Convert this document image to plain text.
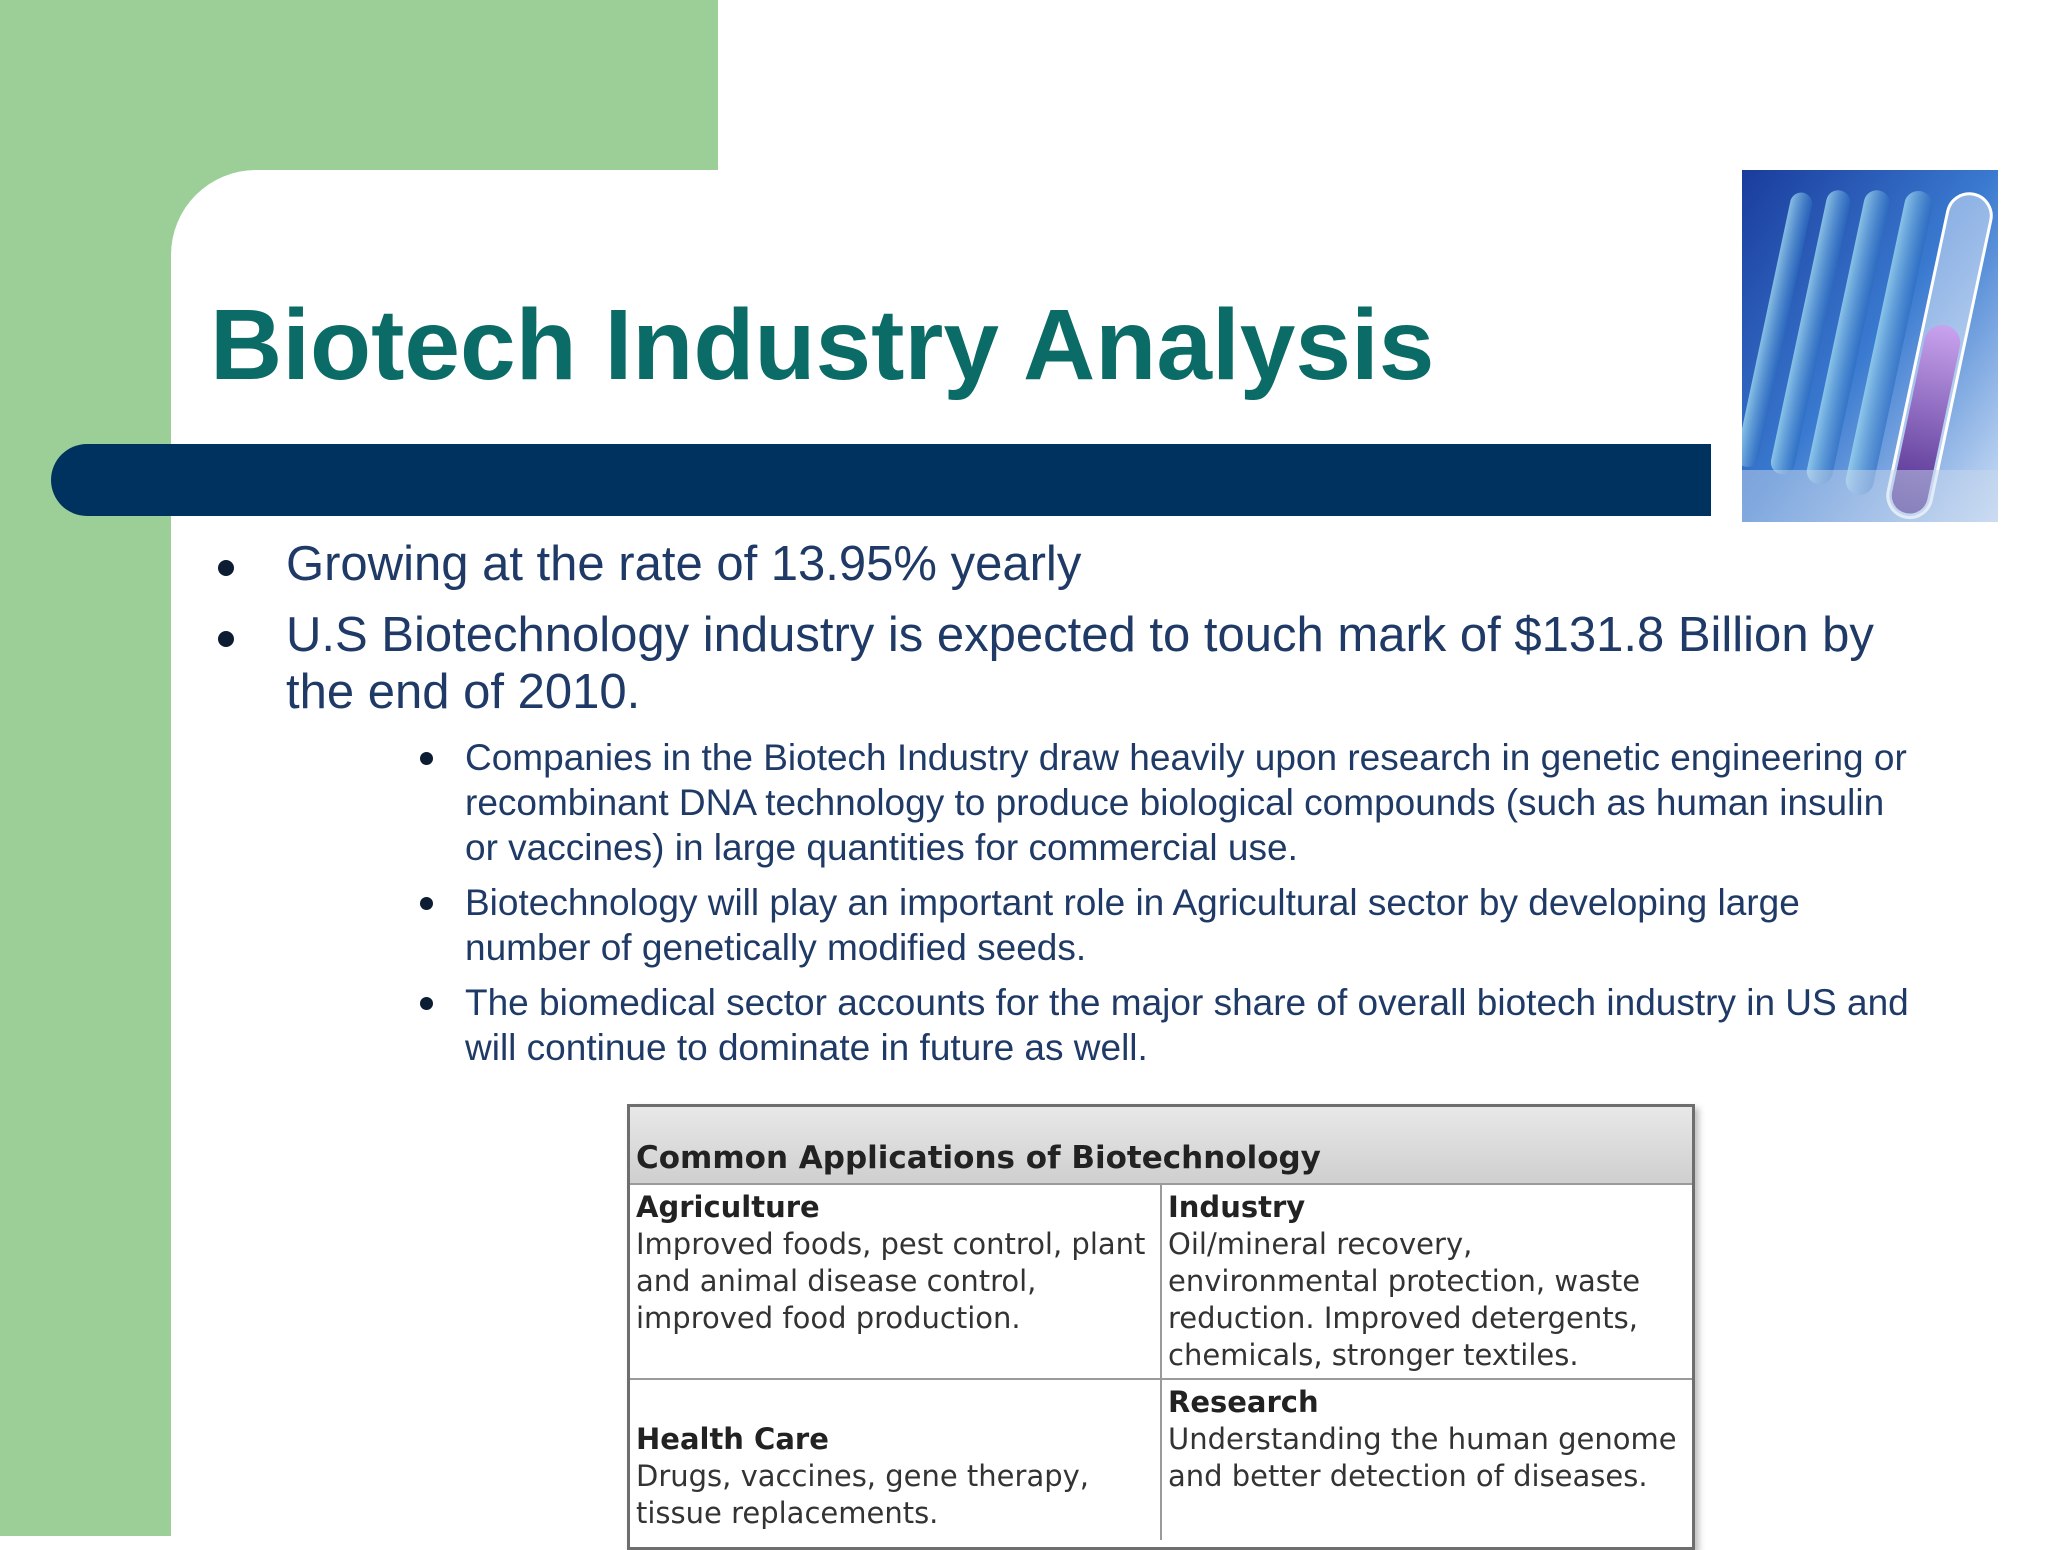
Biotech Industry Analysis
Growing at the rate of 13.95% yearly
U.S Biotechnology industry is expected to touch mark of $131.8 Billion by the end of 2010.
Companies in the Biotech Industry draw heavily upon research in genetic engineering or recombinant DNA technology to produce biological compounds (such as human insulin or vaccines) in large quantities for commercial use.
Biotechnology will play an important role in Agricultural sector by developing large number of genetically modified seeds.
The biomedical sector accounts for the major share of overall biotech industry in US and will continue to dominate in future as well.
Common Applications of Biotechnology
Agriculture
Improved foods, pest control, plant and animal disease control, improved food production.
Industry
Oil/mineral recovery, environmental protection, waste reduction. Improved detergents, chemicals, stronger textiles.
Health Care
Drugs, vaccines, gene therapy, tissue replacements.
Research
Understanding the human genome and better detection of diseases.
